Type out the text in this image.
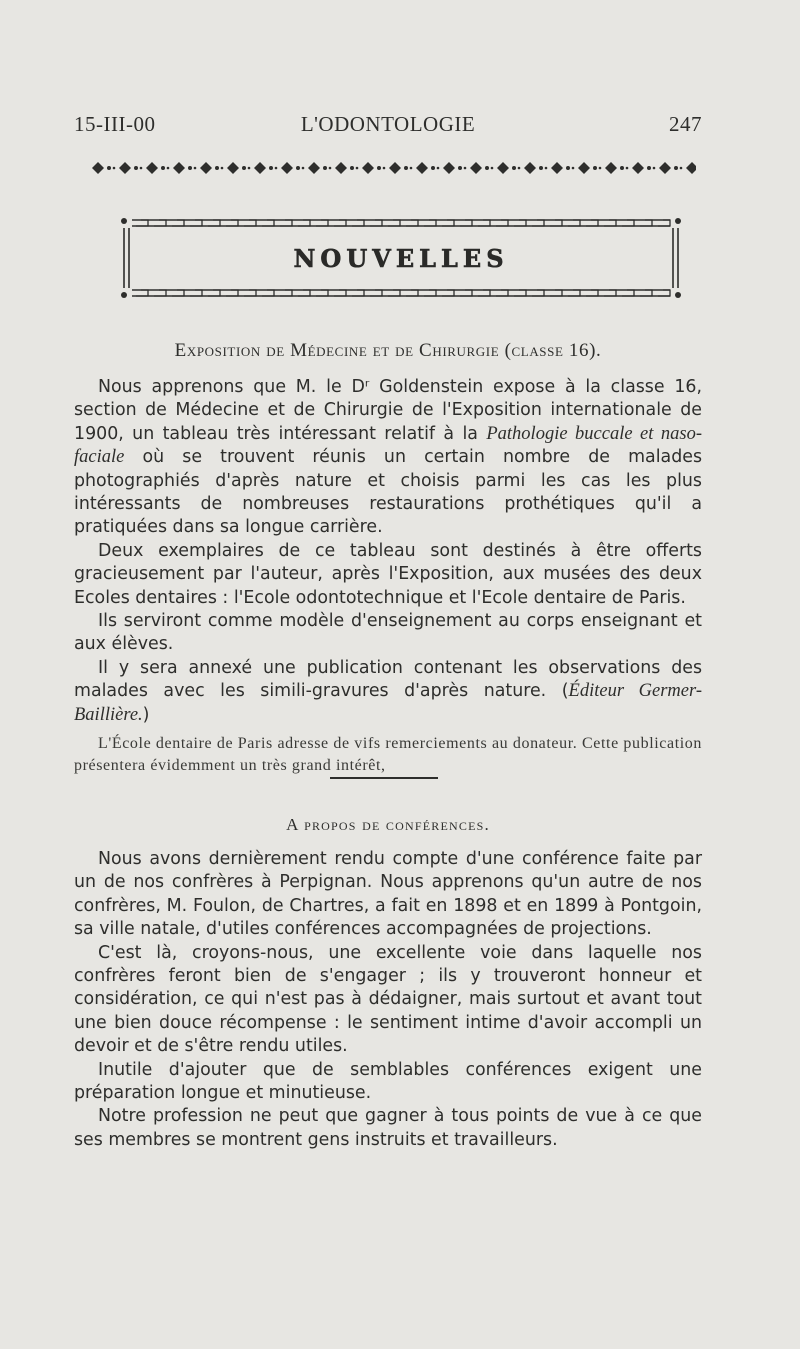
15-III-00	L'ODONTOLOGIE	247
NOUVELLES
Exposition de Médecine et de Chirurgie (classe 16).

Nous apprenons que M. le Dʳ Goldenstein expose à la classe 16, section de Médecine et de Chirurgie de l'Exposition internationale de 1900, un tableau très intéressant relatif à la Pathologie buccale et naso-faciale où se trouvent réunis un certain nombre de malades photographiés d'après nature et choisis parmi les cas les plus intéressants de nombreuses restaurations prothétiques qu'il a pratiquées dans sa longue carrière.

Deux exemplaires de ce tableau sont destinés à être offerts gracieusement par l'auteur, après l'Exposition, aux musées des deux Ecoles dentaires : l'Ecole odontotechnique et l'Ecole dentaire de Paris.

Ils serviront comme modèle d'enseignement au corps enseignant et aux élèves.

Il y sera annexé une publication contenant les observations des malades avec les simili-gravures d'après nature. (Éditeur Germer-Baillière.)

L'École dentaire de Paris adresse de vifs remerciements au donateur. Cette publication présentera évidemment un très grand intérêt,

A propos de conférences.

Nous avons dernièrement rendu compte d'une conférence faite par un de nos confrères à Perpignan. Nous apprenons qu'un autre de nos confrères, M. Foulon, de Chartres, a fait en 1898 et en 1899 à Pontgoin, sa ville natale, d'utiles conférences accompagnées de projections.

C'est là, croyons-nous, une excellente voie dans laquelle nos confrères feront bien de s'engager ; ils y trouveront honneur et considération, ce qui n'est pas à dédaigner, mais surtout et avant tout une bien douce récompense : le sentiment intime d'avoir accompli un devoir et de s'être rendu utiles.

Inutile d'ajouter que de semblables conférences exigent une préparation longue et minutieuse.

Notre profession ne peut que gagner à tous points de vue à ce que ses membres se montrent gens instruits et travailleurs.
